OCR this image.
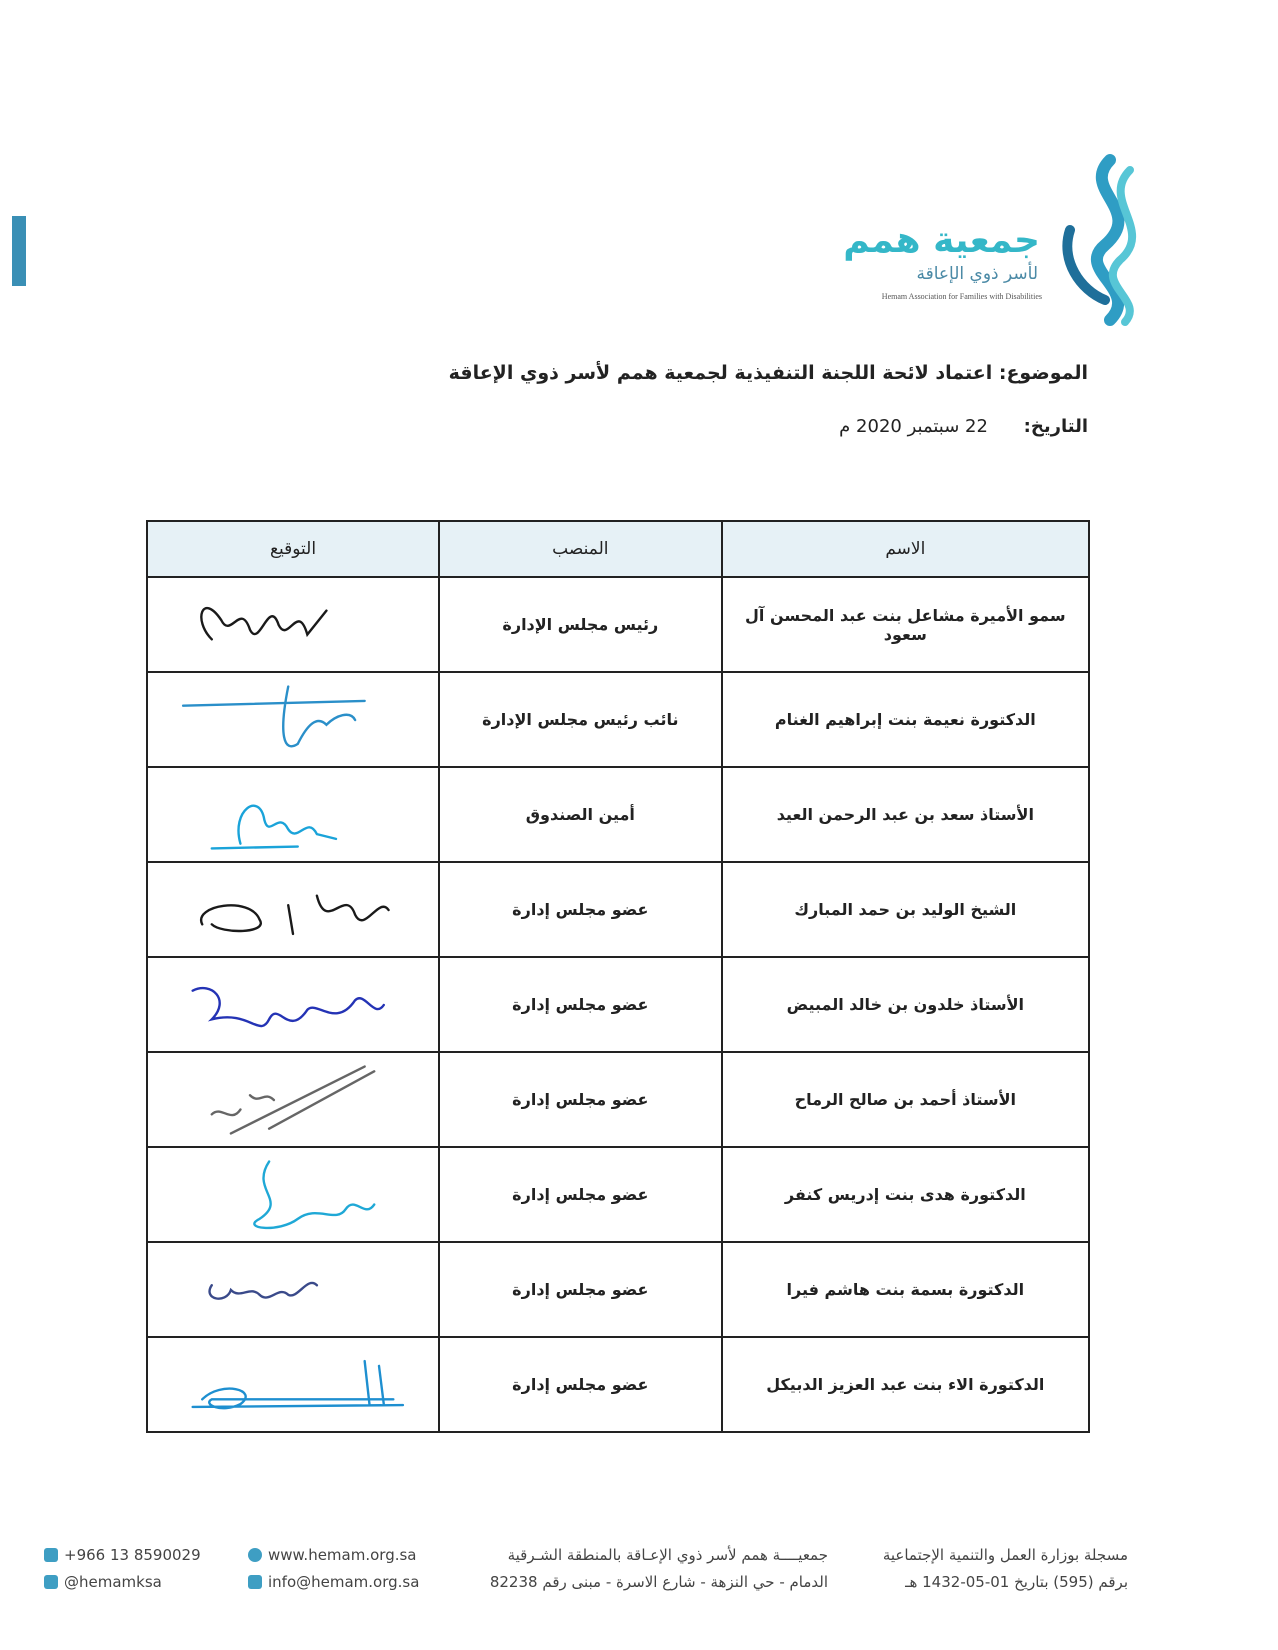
جمعية همم
لأسر ذوي الإعاقة
Hemam Association for Families with Disabilities
الموضوع: اعتماد لائحة اللجنة التنفيذية لجمعية همم لأسر ذوي الإعاقة
التاريخ: 22 سبتمبر 2020 م
الاسم	المنصب	التوقيع
سمو الأميرة مشاعل بنت عبد المحسن آل سعود	رئيس مجلس الإدارة	

الدكتورة نعيمة بنت إبراهيم الغنام	نائب رئيس مجلس الإدارة	

الأستاذ سعد بن عبد الرحمن العيد	أمين الصندوق	

الشيخ الوليد بن حمد المبارك	عضو مجلس إدارة	

الأستاذ خلدون بن خالد المبيض	عضو مجلس إدارة	

الأستاذ أحمد بن صالح الرماح	عضو مجلس إدارة	

الدكتورة هدى بنت إدريس كنفر	عضو مجلس إدارة	

الدكتورة بسمة بنت هاشم فيرا	عضو مجلس إدارة	

الدكتورة الاء بنت عبد العزيز الدبيكل	عضو مجلس إدارة	
مسجلة بوزارة العمل والتنمية الإجتماعية
برقم (595) بتاريخ 01-05-1432 هـ
جمعيــــة همم لأسر ذوي الإعـاقة بالمنطقة الشـرقية
الدمام - حي النزهة - شارع الاسرة - مبنى رقم 82238
www.hemam.org.sa
info@hemam.org.sa
+966 13 8590029
@hemamksa
